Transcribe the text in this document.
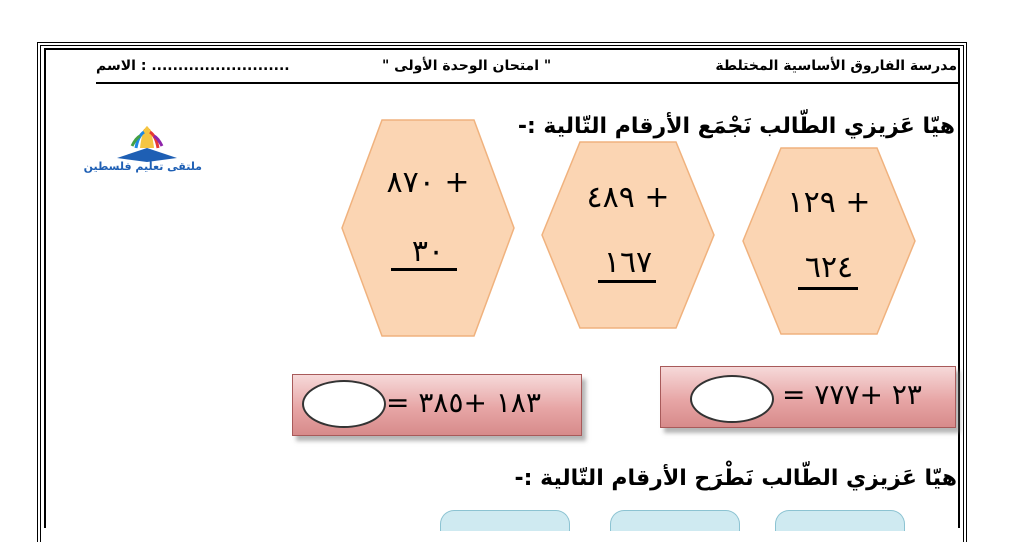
مدرسة الفاروق الأساسية المختلطة
" امتحان الوحدة الأولى "
الاسم : ..........................
هيّا عَزيزي الطّالب نَجْمَع الأرقام التّالية :-
ملتقى تعليم فلسطين
١٢٩ +
٦٢٤
٤٨٩ +
١٦٧
٨٧٠ +
٣٠
= ٢٣ +٧٧٧
= ١٨٣ +٣٨٥
هيّا عَزيزي الطّالب نَطْرَح الأرقام التّالية :-
